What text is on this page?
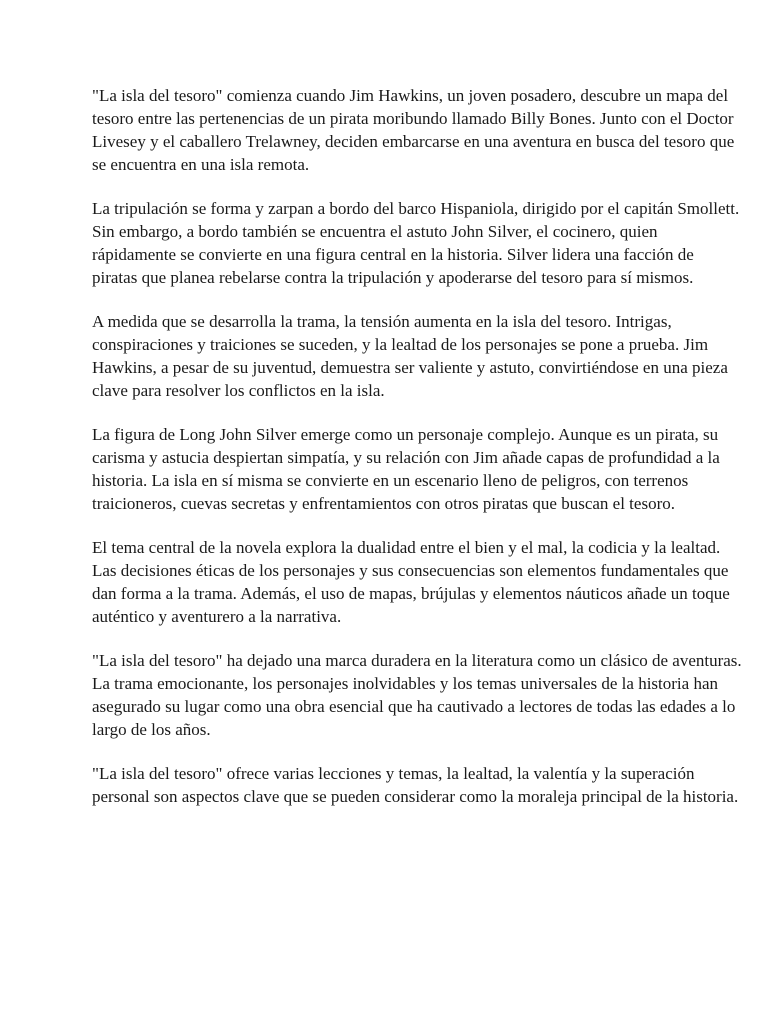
"La isla del tesoro" comienza cuando Jim Hawkins, un joven posadero, descubre un mapa del tesoro entre las pertenencias de un pirata moribundo llamado Billy Bones. Junto con el Doctor Livesey y el caballero Trelawney, deciden embarcarse en una aventura en busca del tesoro que se encuentra en una isla remota.

La tripulación se forma y zarpan a bordo del barco Hispaniola, dirigido por el capitán Smollett. Sin embargo, a bordo también se encuentra el astuto John Silver, el cocinero, quien rápidamente se convierte en una figura central en la historia. Silver lidera una facción de piratas que planea rebelarse contra la tripulación y apoderarse del tesoro para sí mismos.

A medida que se desarrolla la trama, la tensión aumenta en la isla del tesoro. Intrigas, conspiraciones y traiciones se suceden, y la lealtad de los personajes se pone a prueba. Jim Hawkins, a pesar de su juventud, demuestra ser valiente y astuto, convirtiéndose en una pieza clave para resolver los conflictos en la isla.

La figura de Long John Silver emerge como un personaje complejo. Aunque es un pirata, su carisma y astucia despiertan simpatía, y su relación con Jim añade capas de profundidad a la historia. La isla en sí misma se convierte en un escenario lleno de peligros, con terrenos traicioneros, cuevas secretas y enfrentamientos con otros piratas que buscan el tesoro.

El tema central de la novela explora la dualidad entre el bien y el mal, la codicia y la lealtad. Las decisiones éticas de los personajes y sus consecuencias son elementos fundamentales que dan forma a la trama. Además, el uso de mapas, brújulas y elementos náuticos añade un toque auténtico y aventurero a la narrativa.

"La isla del tesoro" ha dejado una marca duradera en la literatura como un clásico de aventuras. La trama emocionante, los personajes inolvidables y los temas universales de la historia han asegurado su lugar como una obra esencial que ha cautivado a lectores de todas las edades a lo largo de los años.

"La isla del tesoro" ofrece varias lecciones y temas, la lealtad, la valentía y la superación personal son aspectos clave que se pueden considerar como la moraleja principal de la historia.
